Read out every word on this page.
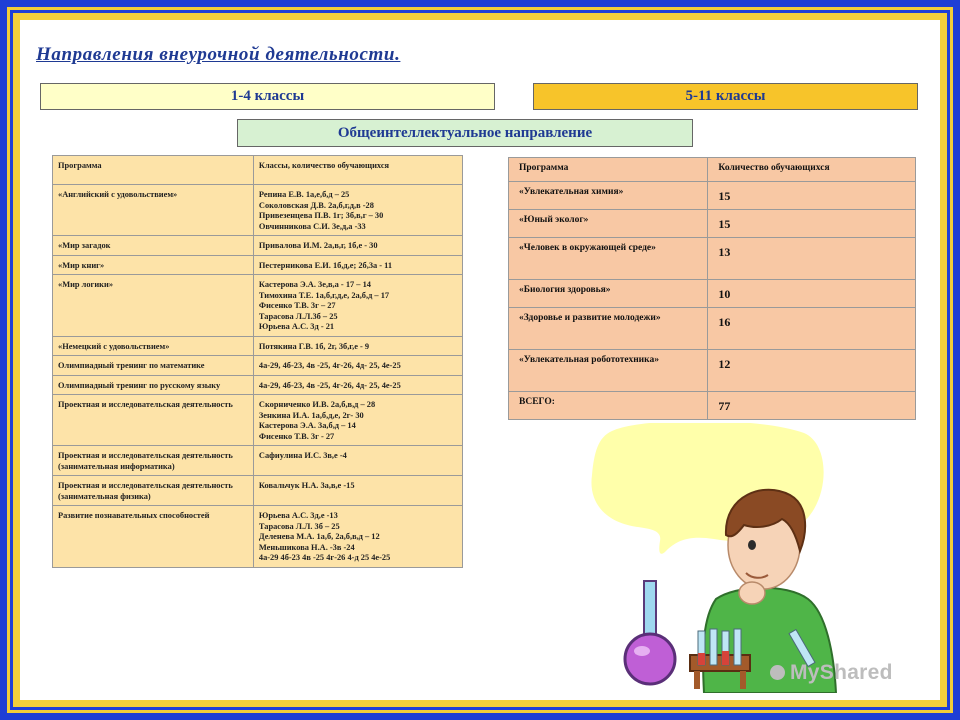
Направления внеурочной деятельности.
1-4 классы	5-11 классы
Общеинтеллектуальное направление
Программа	Классы, количество обучающихся
«Английский с удовольствием»	Репина Е.В. 1а,е,б,д – 25
Соколовская Д.В. 2а,б,г,д,в -28
Привезенцева П.В. 1г; 3б,в,г – 30
Овчинникова С.И. 3е,д,а -33
«Мир загадок	Привалова И.М. 2а,в,г, 1б,е - 30
«Мир книг»	Пестерникова Е.И. 1б,д,е; 2б,3а - 11
«Мир логики»	Кастерова Э.А. 3е,в,а - 17 – 14
Тимохина Т.Е. 1а,б,г,д,е, 2а,б,д – 17
Фисенко Т.В. 3г – 27
Тарасова Л.Л.3б – 25
Юрьева А.С. 3д - 21
«Немецкий с удовольствием»	Потякина Г.В. 1б, 2г, 3б,г,е - 9
Олимпиадный тренинг по математике	4а-29, 4б-23, 4в -25, 4г-26, 4д- 25, 4е-25
Олимпиадный тренинг по русскому языку	4а-29, 4б-23, 4в -25, 4г-26, 4д- 25, 4е-25
Проектная и исследовательская деятельность	Скорниченко И.В. 2а,б,в,д – 28
Зенкина И.А. 1а,б,д,е, 2г- 30
Кастерова Э.А. 3а,б,д – 14
Фисенко Т.В. 3г - 27
Проектная и исследовательская деятельность (занимательная информатика)	Сафиулина И.С. 3в,е -4
Проектная и исследовательская деятельность (занимательная физика)	Ковальчук Н.А. 3а,в,е -15
Развитие познавательных способностей	Юрьева А.С. 3д,е -13
Тарасова Л.Л. 3б – 25
Деленева М.А. 1а,б, 2а,б,в,д – 12
Меньшикова Н.А. -3в -24
4а-29 4б-23 4в -25 4г-26 4-д 25 4е-25
Программа	Количество обучающихся
«Увлекательная химия»	15
«Юный эколог»	15
«Человек в окружающей среде»	13
«Биология здоровья»	10
«Здоровье и развитие молодежи»	16
«Увлекательная робототехника»	12
ВСЕГО:	77
MyShared
